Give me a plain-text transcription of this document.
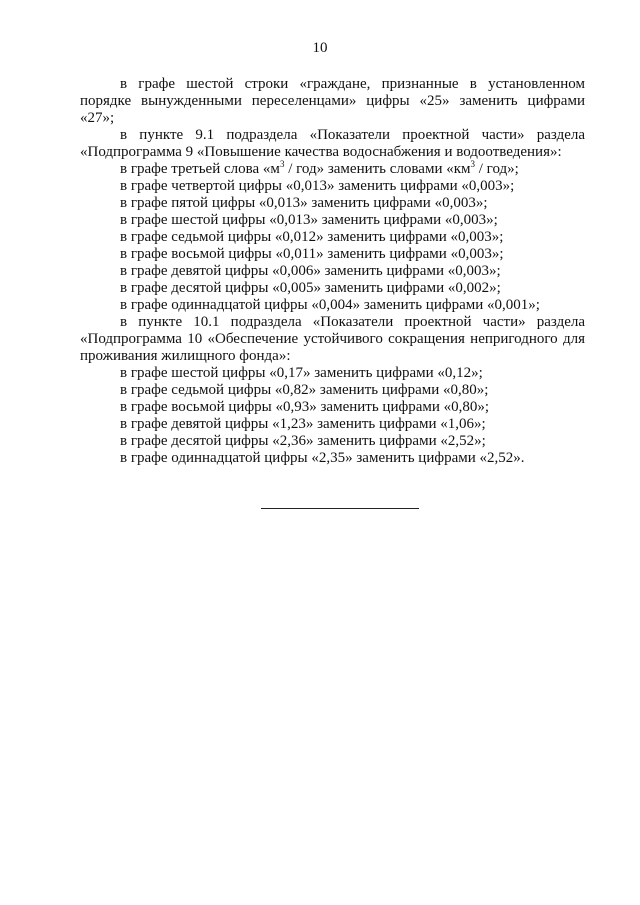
10

в графе шестой строки «граждане, признанные в установленном порядке вынужденными переселенцами» цифры «25» заменить цифрами «27»;

в пункте 9.1 подраздела «Показатели проектной части» раздела «Подпрограмма 9 «Повышение качества водоснабжения и водоотведения»:

в графе третьей слова «$м^3$ / год» заменить словами «$км^3$ / год»;

в графе четвертой цифры «0,013» заменить цифрами «0,003»;

в графе пятой цифры «0,013» заменить цифрами «0,003»;

в графе шестой цифры «0,013» заменить цифрами «0,003»;

в графе седьмой цифры «0,012» заменить цифрами «0,003»;

в графе восьмой цифры «0,011» заменить цифрами «0,003»;

в графе девятой цифры «0,006» заменить цифрами «0,003»;

в графе десятой цифры «0,005» заменить цифрами «0,002»;

в графе одиннадцатой цифры «0,004» заменить цифрами «0,001»;

в пункте 10.1 подраздела «Показатели проектной части» раздела «Подпрограмма 10 «Обеспечение устойчивого сокращения непригодного для проживания жилищного фонда»:

в графе шестой цифры «0,17» заменить цифрами «0,12»;

в графе седьмой цифры «0,82» заменить цифрами «0,80»;

в графе восьмой цифры «0,93» заменить цифрами «0,80»;

в графе девятой цифры «1,23» заменить цифрами «1,06»;

в графе десятой цифры «2,36» заменить цифрами «2,52»;

в графе одиннадцатой цифры «2,35» заменить цифрами «2,52».
